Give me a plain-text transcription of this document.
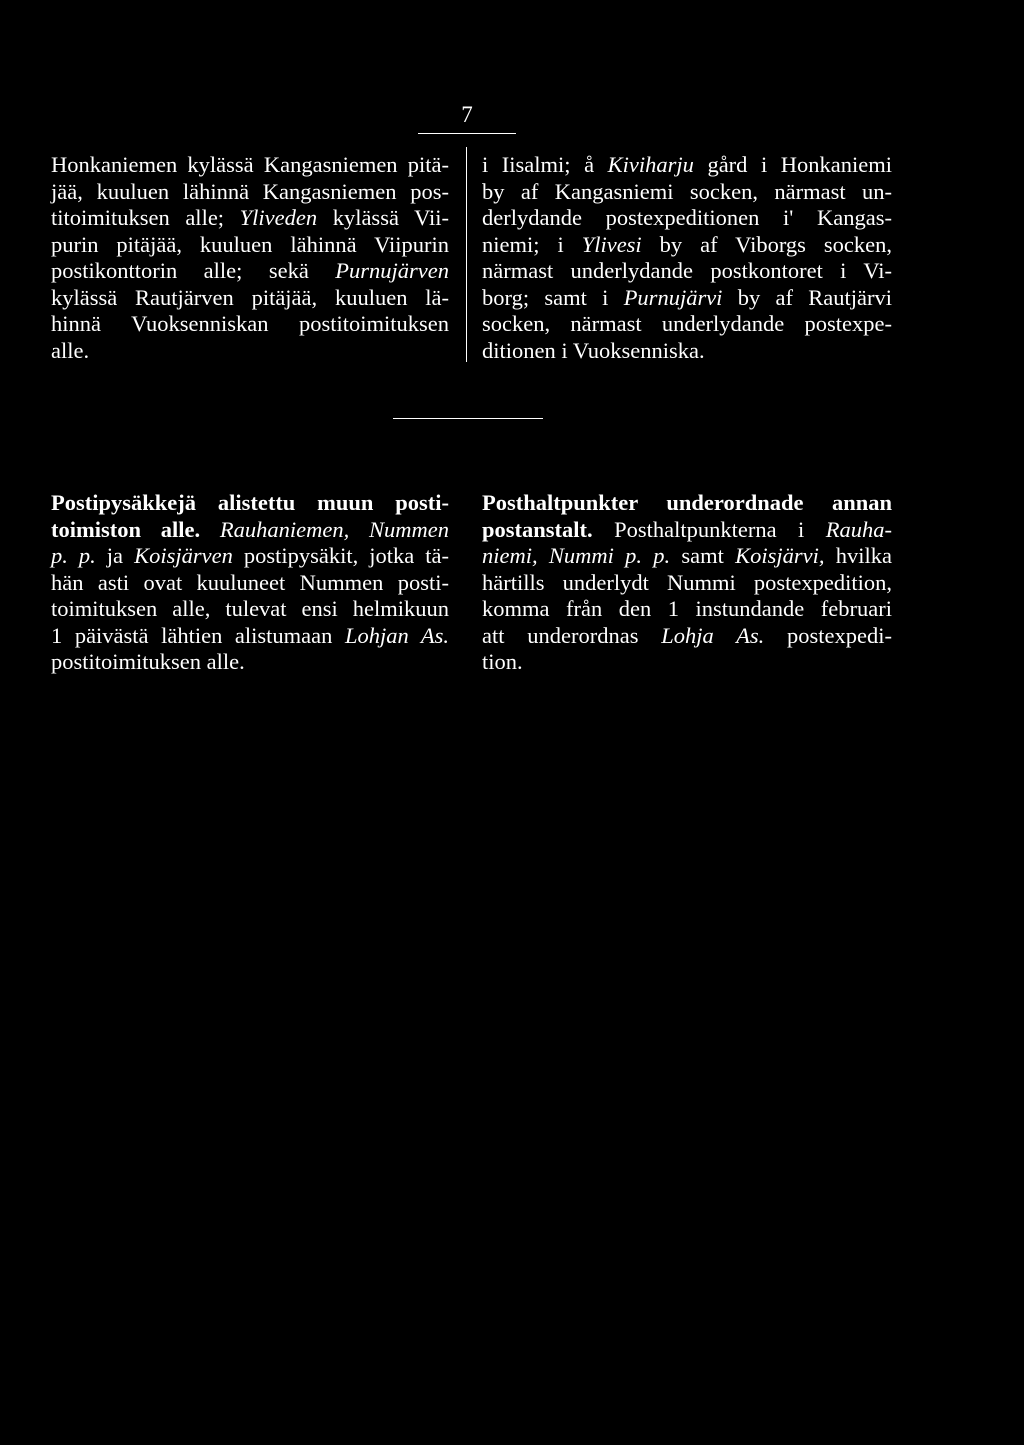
7
Honkaniemen kylässä Kangasniemen pitä-
jää, kuuluen lähinnä Kangasniemen pos-
titoimituksen alle; Yliveden kylässä Vii-
purin pitäjää, kuuluen lähinnä Viipurin
postikonttorin alle; sekä Purnujärven
kylässä Rautjärven pitäjää, kuuluen lä-
hinnä Vuoksenniskan postitoimituksen
alle.
i Iisalmi; å Kiviharju gård i Honkaniemi
by af Kangasniemi socken, närmast un-
derlydande postexpeditionen i' Kangas-
niemi; i Ylivesi by af Viborgs socken,
närmast underlydande postkontoret i Vi-
borg; samt i Purnujärvi by af Rautjärvi
socken, närmast underlydande postexpe-
ditionen i Vuoksenniska.
Postipysäkkejä alistettu muun posti-
toimiston alle. Rauhaniemen, Nummen
p. p. ja Koisjärven postipysäkit, jotka tä-
hän asti ovat kuuluneet Nummen posti-
toimituksen alle, tulevat ensi helmikuun
1 päivästä lähtien alistumaan Lohjan As.
postitoimituksen alle.
Posthaltpunkter underordnade annan
postanstalt. Posthaltpunkterna i Rauha-
niemi, Nummi p. p. samt Koisjärvi, hvilka
härtills underlydt Nummi postexpedition,
komma från den 1 instundande februari
att underordnas Lohja As. postexpedi-
tion.
